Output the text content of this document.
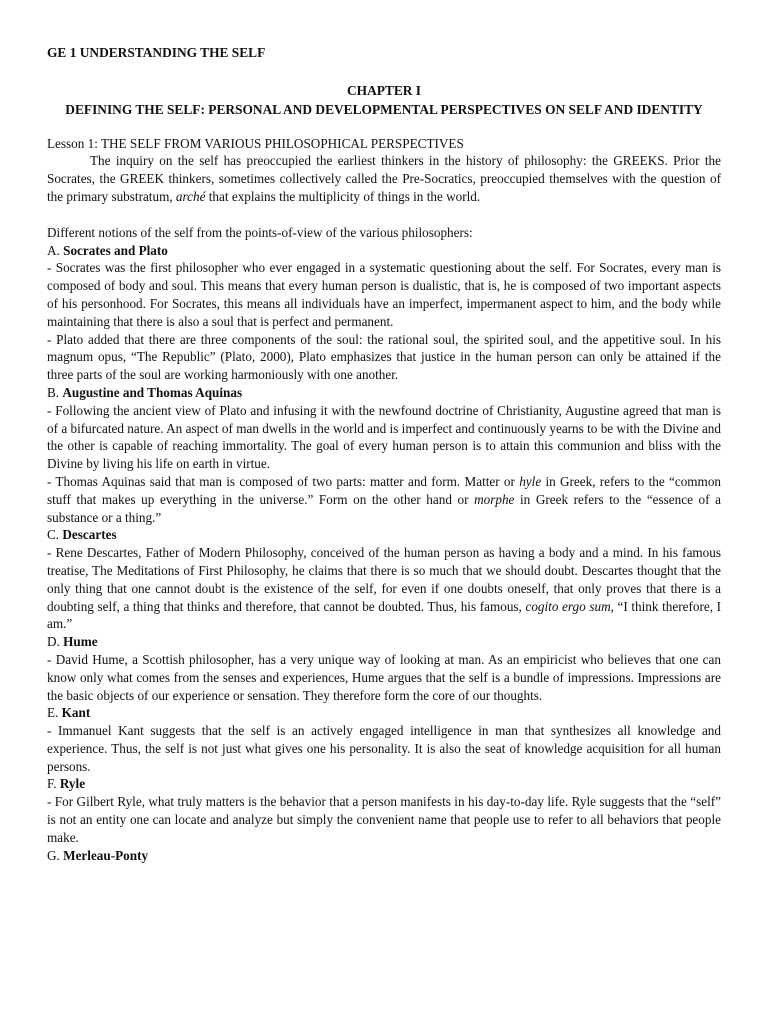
GE 1 UNDERSTANDING THE SELF
CHAPTER I
DEFINING THE SELF: PERSONAL AND DEVELOPMENTAL PERSPECTIVES ON SELF AND IDENTITY

Lesson 1: THE SELF FROM VARIOUS PHILOSOPHICAL PERSPECTIVES

The inquiry on the self has preoccupied the earliest thinkers in the history of philosophy: the GREEKS. Prior the Socrates, the GREEK thinkers, sometimes collectively called the Pre-Socratics, preoccupied themselves with the question of the primary substratum, arché that explains the multiplicity of things in the world.

Different notions of the self from the points-of-view of the various philosophers:

A. Socrates and Plato

- Socrates was the first philosopher who ever engaged in a systematic questioning about the self. For Socrates, every man is composed of body and soul. This means that every human person is dualistic, that is, he is composed of two important aspects of his personhood. For Socrates, this means all individuals have an imperfect, impermanent aspect to him, and the body while maintaining that there is also a soul that is perfect and permanent.

- Plato added that there are three components of the soul: the rational soul, the spirited soul, and the appetitive soul. In his magnum opus, “The Republic” (Plato, 2000), Plato emphasizes that justice in the human person can only be attained if the three parts of the soul are working harmoniously with one another.

B. Augustine and Thomas Aquinas

- Following the ancient view of Plato and infusing it with the newfound doctrine of Christianity, Augustine agreed that man is of a bifurcated nature. An aspect of man dwells in the world and is imperfect and continuously yearns to be with the Divine and the other is capable of reaching immortality. The goal of every human person is to attain this communion and bliss with the Divine by living his life on earth in virtue.

- Thomas Aquinas said that man is composed of two parts: matter and form. Matter or hyle in Greek, refers to the “common stuff that makes up everything in the universe.” Form on the other hand or morphe in Greek refers to the “essence of a substance or a thing.”

C. Descartes

- Rene Descartes, Father of Modern Philosophy, conceived of the human person as having a body and a mind. In his famous treatise, The Meditations of First Philosophy, he claims that there is so much that we should doubt. Descartes thought that the only thing that one cannot doubt is the existence of the self, for even if one doubts oneself, that only proves that there is a doubting self, a thing that thinks and therefore, that cannot be doubted. Thus, his famous, cogito ergo sum, “I think therefore, I am.”

D. Hume

- David Hume, a Scottish philosopher, has a very unique way of looking at man. As an empiricist who believes that one can know only what comes from the senses and experiences, Hume argues that the self is a bundle of impressions. Impressions are the basic objects of our experience or sensation. They therefore form the core of our thoughts.

E. Kant

- Immanuel Kant suggests that the self is an actively engaged intelligence in man that synthesizes all knowledge and experience. Thus, the self is not just what gives one his personality. It is also the seat of knowledge acquisition for all human persons.

F. Ryle

- For Gilbert Ryle, what truly matters is the behavior that a person manifests in his day-to-day life. Ryle suggests that the “self” is not an entity one can locate and analyze but simply the convenient name that people use to refer to all behaviors that people make.

G. Merleau-Ponty
